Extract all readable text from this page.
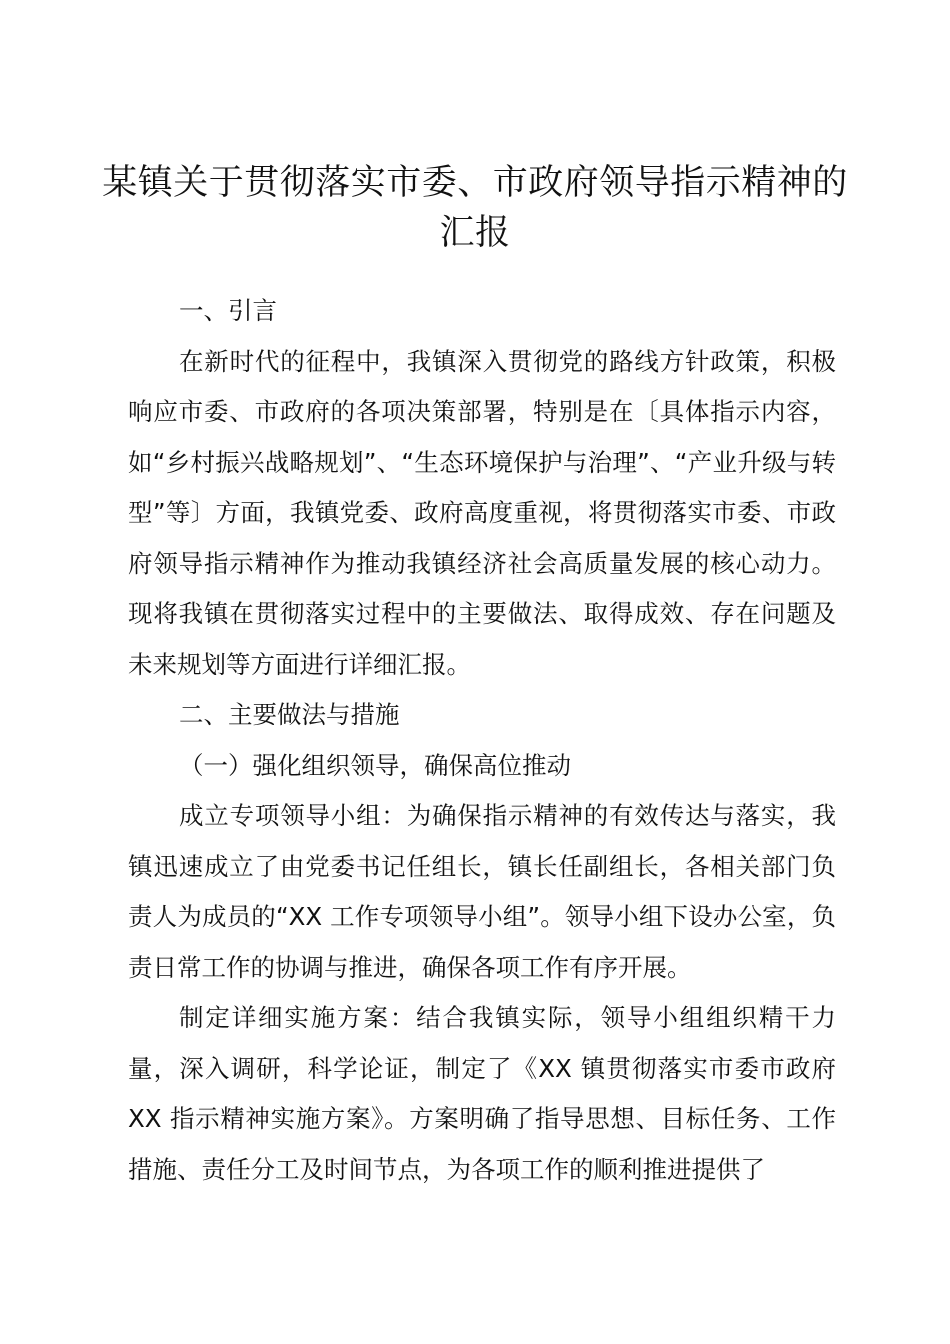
某镇关于贯彻落实市委、市政府领导指示精神的汇报

一、引言

在新时代的征程中，我镇深入贯彻党的路线方针政策，积极响应市委、市政府的各项决策部署，特别是在〔具体指示内容，如“乡村振兴战略规划”、“生态环境保护与治理”、“产业升级与转型”等〕方面，我镇党委、政府高度重视，将贯彻落实市委、市政府领导指示精神作为推动我镇经济社会高质量发展的核心动力。现将我镇在贯彻落实过程中的主要做法、取得成效、存在问题及未来规划等方面进行详细汇报。

二、主要做法与措施

（一）强化组织领导，确保高位推动

成立专项领导小组：为确保指示精神的有效传达与落实，我镇迅速成立了由党委书记任组长，镇长任副组长，各相关部门负责人为成员的“XX 工作专项领导小组”。领导小组下设办公室，负责日常工作的协调与推进，确保各项工作有序开展。

制定详细实施方案：结合我镇实际，领导小组组织精干力量，深入调研，科学论证，制定了《XX 镇贯彻落实市委市政府 XX 指示精神实施方案》。方案明确了指导思想、目标任务、工作措施、责任分工及时间节点，为各项工作的顺利推进提供了
